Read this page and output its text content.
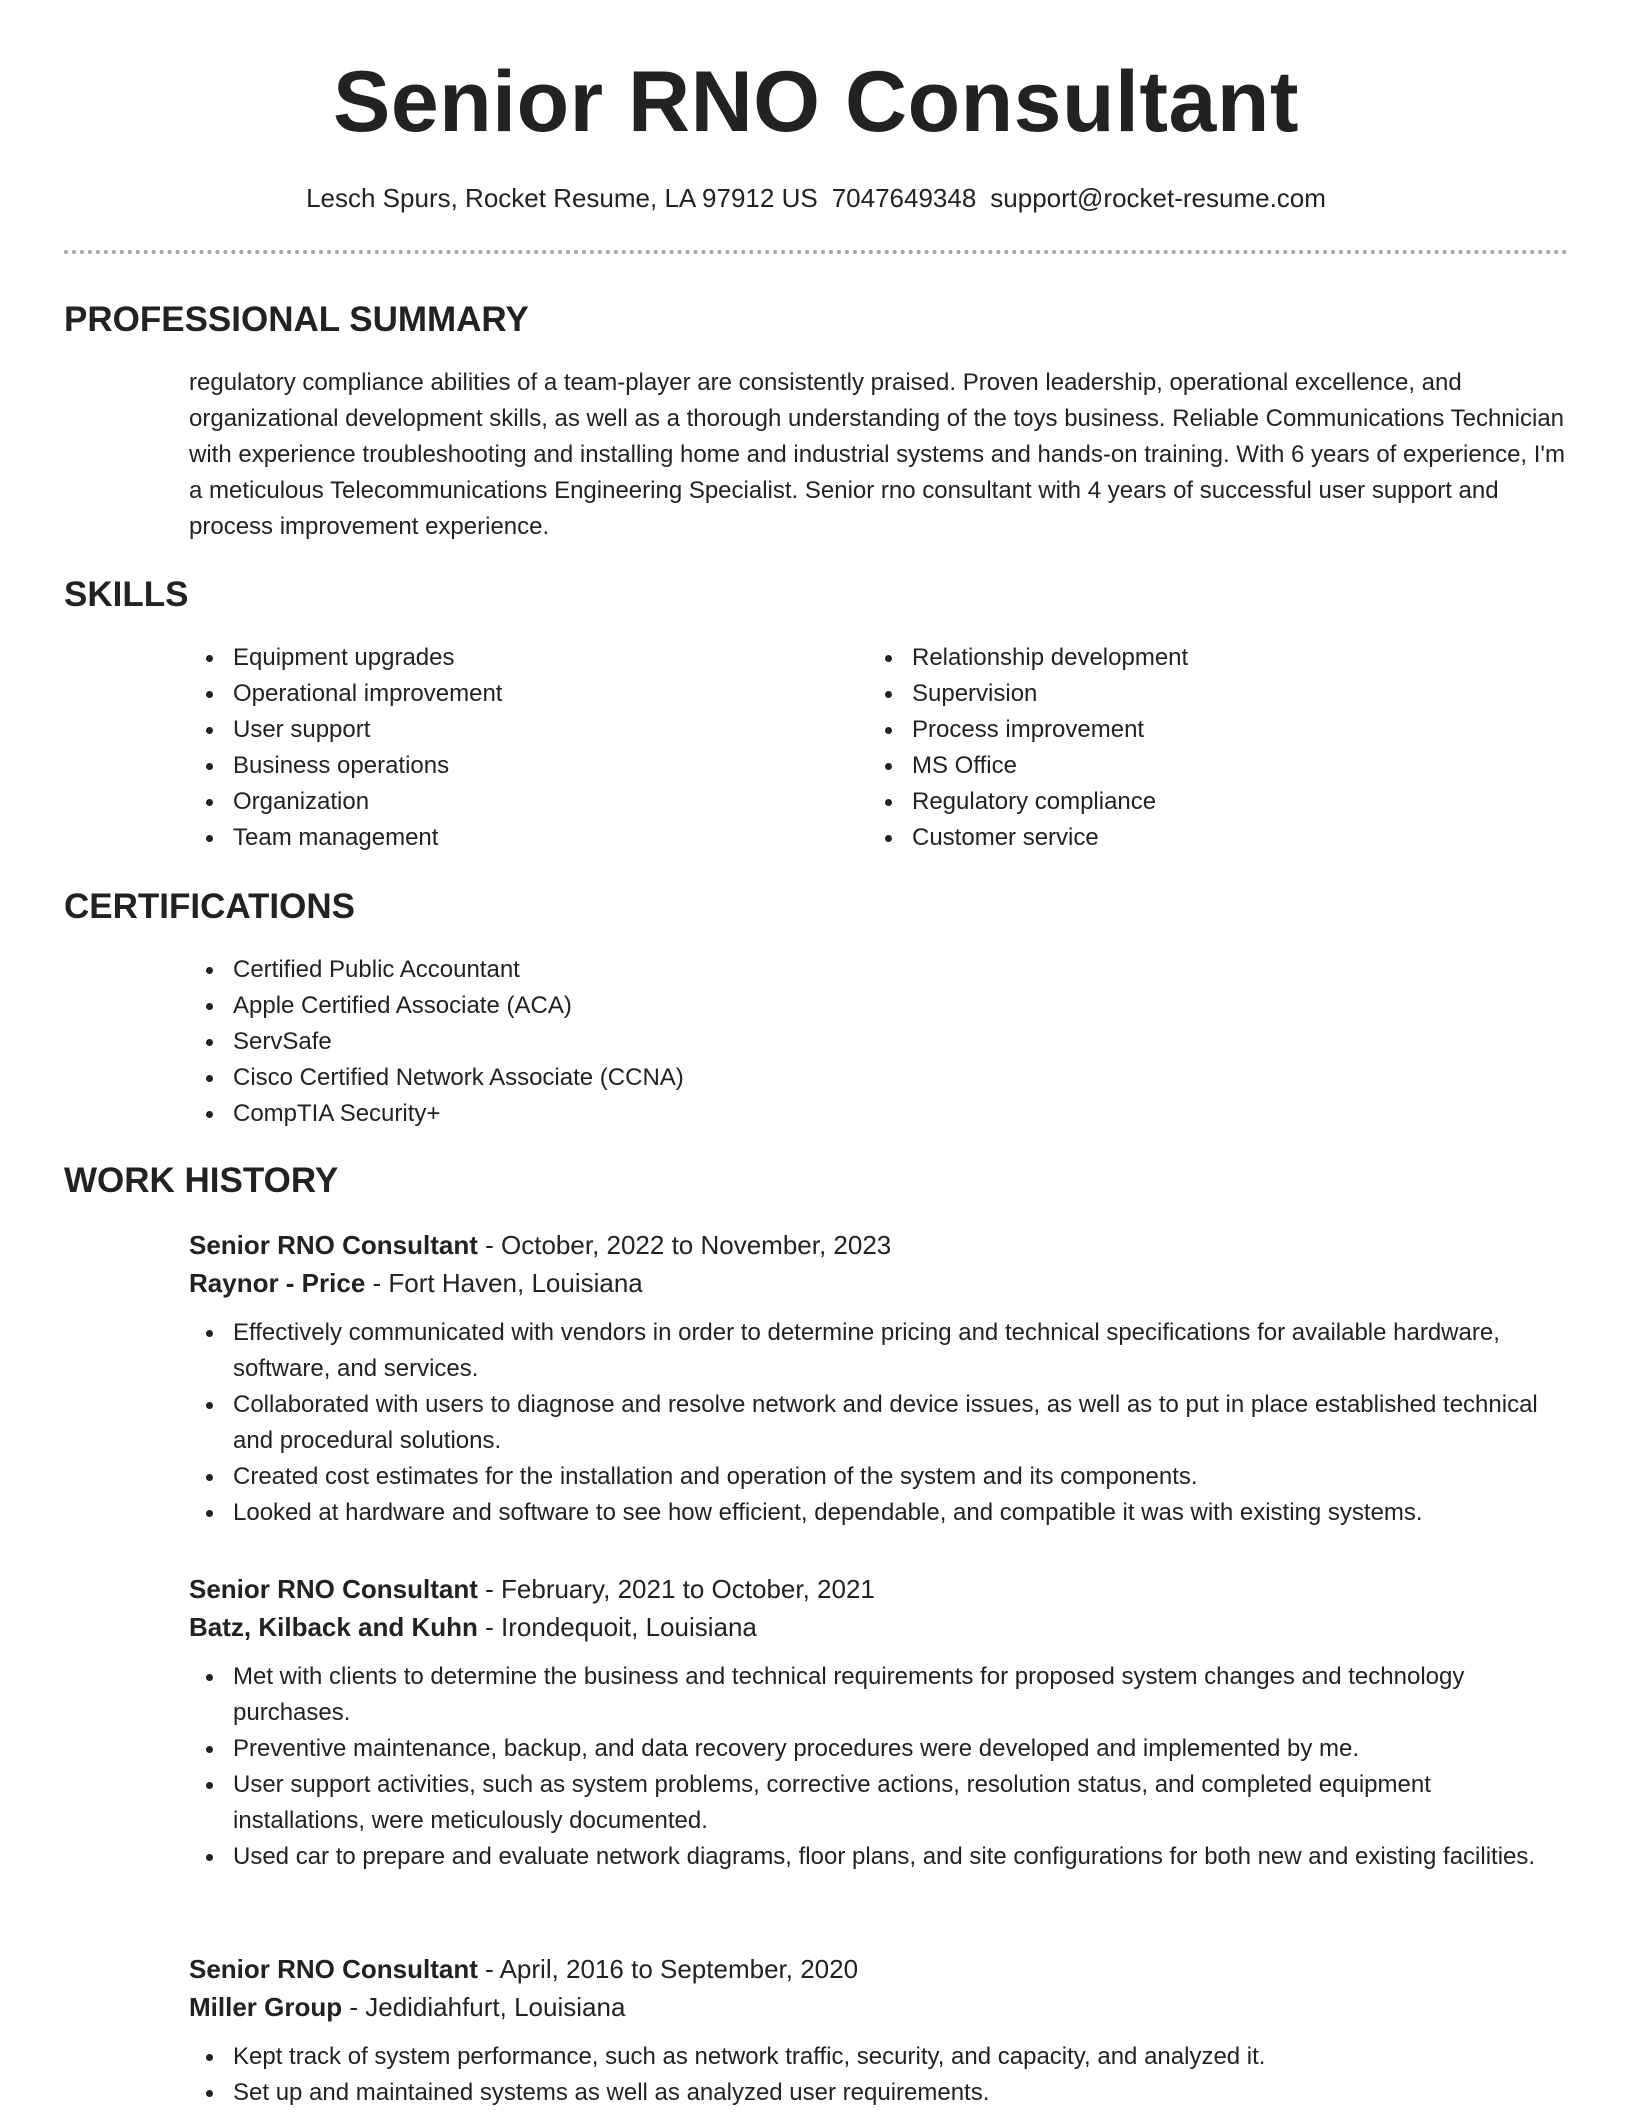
Senior RNO Consultant
Lesch Spurs, Rocket Resume, LA 97912 US 7047649348 support@rocket-resume.com
PROFESSIONAL SUMMARY

regulatory compliance abilities of a team-player are consistently praised. Proven leadership, operational excellence, and organizational development skills, as well as a thorough understanding of the toys business. Reliable Communications Technician with experience troubleshooting and installing home and industrial systems and hands-on training. With 6 years of experience, I'm a meticulous Telecommunications Engineering Specialist. Senior rno consultant with 4 years of successful user support and process improvement experience.

SKILLS
Equipment upgrades
Operational improvement
User support
Business operations
Organization
Team management
Relationship development
Supervision
Process improvement
MS Office
Regulatory compliance
Customer service
CERTIFICATIONS
Certified Public Accountant
Apple Certified Associate (ACA)
ServSafe
Cisco Certified Network Associate (CCNA)
CompTIA Security+
WORK HISTORY
Senior RNO Consultant - October, 2022 to November, 2023
Raynor - Price - Fort Haven, Louisiana
Effectively communicated with vendors in order to determine pricing and technical specifications for available hardware, software, and services.
Collaborated with users to diagnose and resolve network and device issues, as well as to put in place established technical and procedural solutions.
Created cost estimates for the installation and operation of the system and its components.
Looked at hardware and software to see how efficient, dependable, and compatible it was with existing systems.
Senior RNO Consultant - February, 2021 to October, 2021
Batz, Kilback and Kuhn - Irondequoit, Louisiana
Met with clients to determine the business and technical requirements for proposed system changes and technology purchases.
Preventive maintenance, backup, and data recovery procedures were developed and implemented by me.
User support activities, such as system problems, corrective actions, resolution status, and completed equipment installations, were meticulously documented.
Used car to prepare and evaluate network diagrams, floor plans, and site configurations for both new and existing facilities.
Senior RNO Consultant - April, 2016 to September, 2020
Miller Group - Jedidiahfurt, Louisiana
Kept track of system performance, such as network traffic, security, and capacity, and analyzed it.
Set up and maintained systems as well as analyzed user requirements.
